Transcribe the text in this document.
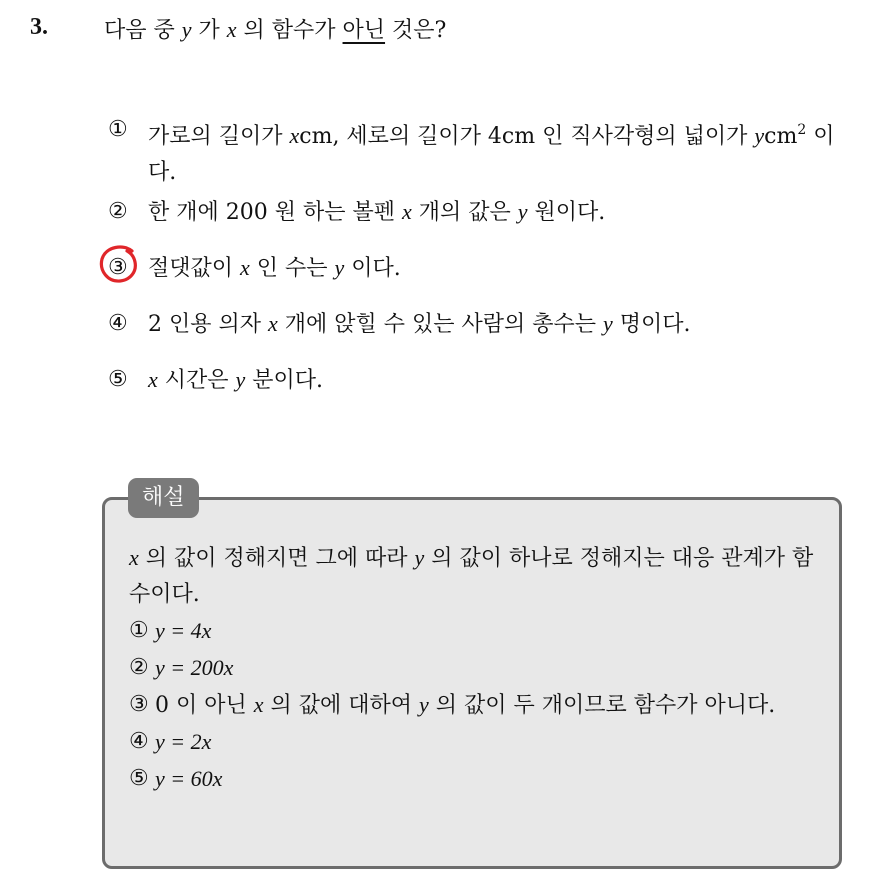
3.	다음 중 y 가 x 의 함수가 아닌 것은?
① 가로의 길이가 xcm, 세로의 길이가 4cm 인 직사각형의 넓이가 ycm$^2$ 이다.
② 한 개에 200 원 하는 볼펜 x 개의 값은 y 원이다.
③ 절댓값이 x 인 수는 y 이다.
④ 2 인용 의자 x 개에 앉힐 수 있는 사람의 총수는 y 명이다.
⑤ x 시간은 y 분이다.
x 의 값이 정해지면 그에 따라 y 의 값이 하나로 정해지는 대응 관계가 함수이다.
① y = 4x
② y = 200x
③ 0 이 아닌 x 의 값에 대하여 y 의 값이 두 개이므로 함수가 아니다.
④ y = 2x
⑤ y = 60x
해설
